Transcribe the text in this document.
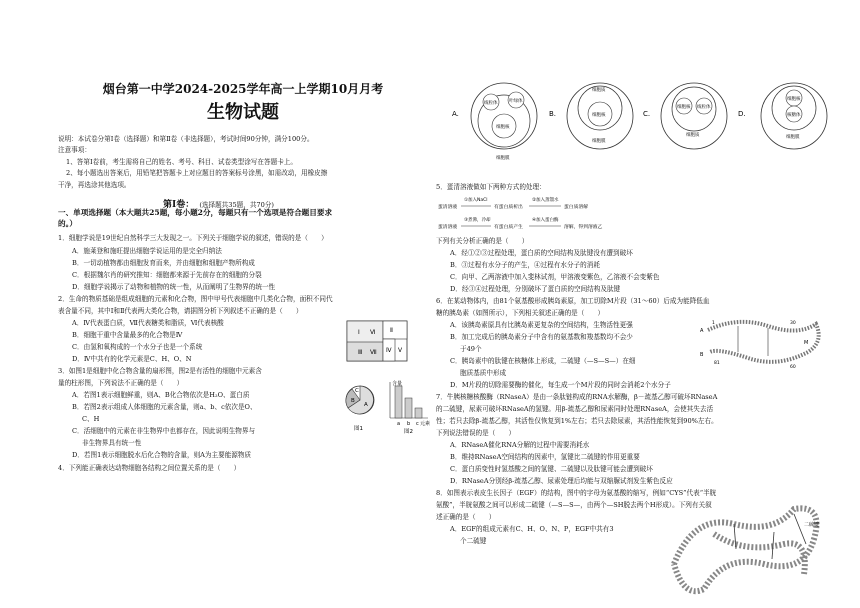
烟台第一中学2024-2025学年高一上学期10月月考
生物试题
说明：本试卷分第Ⅰ卷（选择题）和第Ⅱ卷（非选择题），考试时间90分钟，满分100分。
注意事项：
1、答第Ⅰ卷前，考生需将自己的姓名、考号、科目、试卷类型涂写在答题卡上。
2、每小题选出答案后，用铅笔把答题卡上对应题目的答案标号涂黑，如需改动，用橡皮擦
干净，再选涂其他选项。
第Ⅰ卷： (选择题共35题，共70分)
一、单项选择题（本大题共25题，每小题2分，每题只有一个选项是符合题目要求
的。）
1．细胞学说是19世纪自然科学三大发现之一。下列关于细胞学说的叙述，错误的是（　　）
A．施莱登和施旺提出细胞学说运用的是完全归纳法
B．一切动植物都由细胞发育而来，并由细胞和细胞产物所构成
C．根据魏尔肖的研究推知：细胞都来源于先前存在的细胞的分裂
D．细胞学说揭示了动物和植物的统一性，从而阐明了生物界的统一性
2．生命的物质基础是组成细胞的元素和化合物，图中甲号代表细胞中几类化合物，面积不同代
表含量不同，其中Ⅰ和Ⅱ代表两大类化合物，请据图分析下列叙述不正确的是（　　）
A．Ⅳ代表蛋白质，Ⅶ代表糖类和脂质，Ⅵ代表核酸
B．细胞干重中含量最多的化合物是Ⅳ
C．由氢和氧构成的一个水分子也是一个系统
D．Ⅳ中共有的化学元素是C、H、O、N
Ⅰ	Ⅱ
Ⅲ	Ⅳ Ⅴ
Ⅵ
Ⅶ
3．如图1是细胞中化合物含量的扇形图，图2是有活性的细胞中元素含
量的柱形图，下列说法不正确的是（　　）
A．若图1表示细胞鲜重，则A、B化合物依次是H₂O、蛋白质
B．若图2表示组成人体细胞的元素含量，则a、b、c依次是O、
C、H
C．活细胞中的元素在非生物界中也都存在，因此说明生物界与
非生物界具有统一性
D．若图1表示细胞脱水后化合物的含量，则A为主要能源物质
A
B
C
图1
含量
元素
a b c
图2
4．下列能正确表达动物细胞各结构之间位置关系的是（　　）
A.
线粒体	叶绿体
细胞核
细胞膜
B.
细胞质
细胞核
细胞膜
C.
细胞核 线粒体
细胞质
D.
细胞核
核糖体
细胞膜
5．蛋清溶液做如下两种方式的处理：
蛋清溶液
①加入NaCl
有蛋白质析出
②加入蒸馏水
蛋白质溶解
蛋清溶液
③煮沸，冷却
有蛋白质产生
④加入蛋白酶
溶解，得到溶液乙
下列有关分析正确的是（　　）
A．经①②③过程处理，蛋白质的空间结构及肽键没有遭到破坏
B．③过程有水分子的产生，④过程有水分子的消耗
C．向甲、乙两溶液中加入斐林试剂，甲溶液变紫色，乙溶液不会变紫色
D．经③④过程处理，分别破坏了蛋白质的空间结构及肽键
6．在某动物体内，由81个氨基酸形成胰岛素原，加工切除M片段（31～60）后成为能降低血
糖的胰岛素（如图所示），下列相关叙述正确的是（　　）
A．该胰岛素原具有比胰岛素更复杂的空间结构，生物活性更强
B．加工完成后的胰岛素分子中含有的氨基数和羧基数均不会少
于49个
C．胰岛素中的肽键在核糖体上形成，二硫键（—S—S—）在细
胞质基质中形成
D．M片段的切除需要酶的催化，每生成一个M片段的同时会消耗2个水分子
A
B
M
1	30
60
81
7．牛胰核糖核酸酶（RNaseA）是由一条肽链构成的RNA水解酶，β－巯基乙醇可破坏RNaseA
的二硫键，尿素可破坏RNaseA的氢键。用β-巯基乙醇和尿素同时处理RNaseA，会使其失去活
性；若只去除β-巯基乙醇，其活性仅恢复到1%左右；若只去除尿素，其活性能恢复到90%左右。
下列说法错误的是（　　）
A．RNaseA催化RNA分解的过程中需要消耗水
B．维持RNaseA空间结构的因素中，氢键比二硫键的作用更重要
C．蛋白质变性时氢基酸之间的氢键、二硫键以及肽键可能会遭到破坏
D．RNaseA分别经β-巯基乙醇、尿素处理后均能与双缩脲试剂发生紫色反应
8．如图表示表皮生长因子（EGF）的结构，图中的字母为氨基酸的缩写，例如“CYS”代表“半胱
氨酸”，半胱氨酸之间可以形成二硫键（—S—S—，由两个—SH脱去两个H形成）。下列有关叙
述正确的是（　　）
A．EGF的组成元素有C、H、O、N、P，EGF中共有3
个二硫键
二硫键
